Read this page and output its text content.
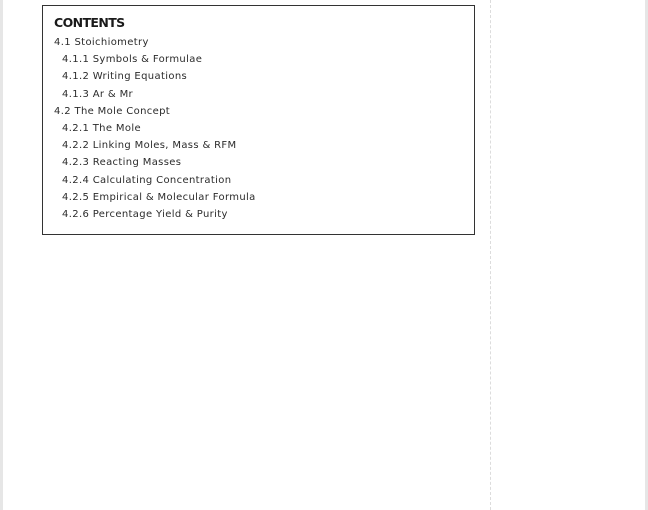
CONTENTS
4.1 Stoichiometry
4.1.1 Symbols & Formulae
4.1.2 Writing Equations
4.1.3 Ar & Mr
4.2 The Mole Concept
4.2.1 The Mole
4.2.2 Linking Moles, Mass & RFM
4.2.3 Reacting Masses
4.2.4 Calculating Concentration
4.2.5 Empirical & Molecular Formula
4.2.6 Percentage Yield & Purity
